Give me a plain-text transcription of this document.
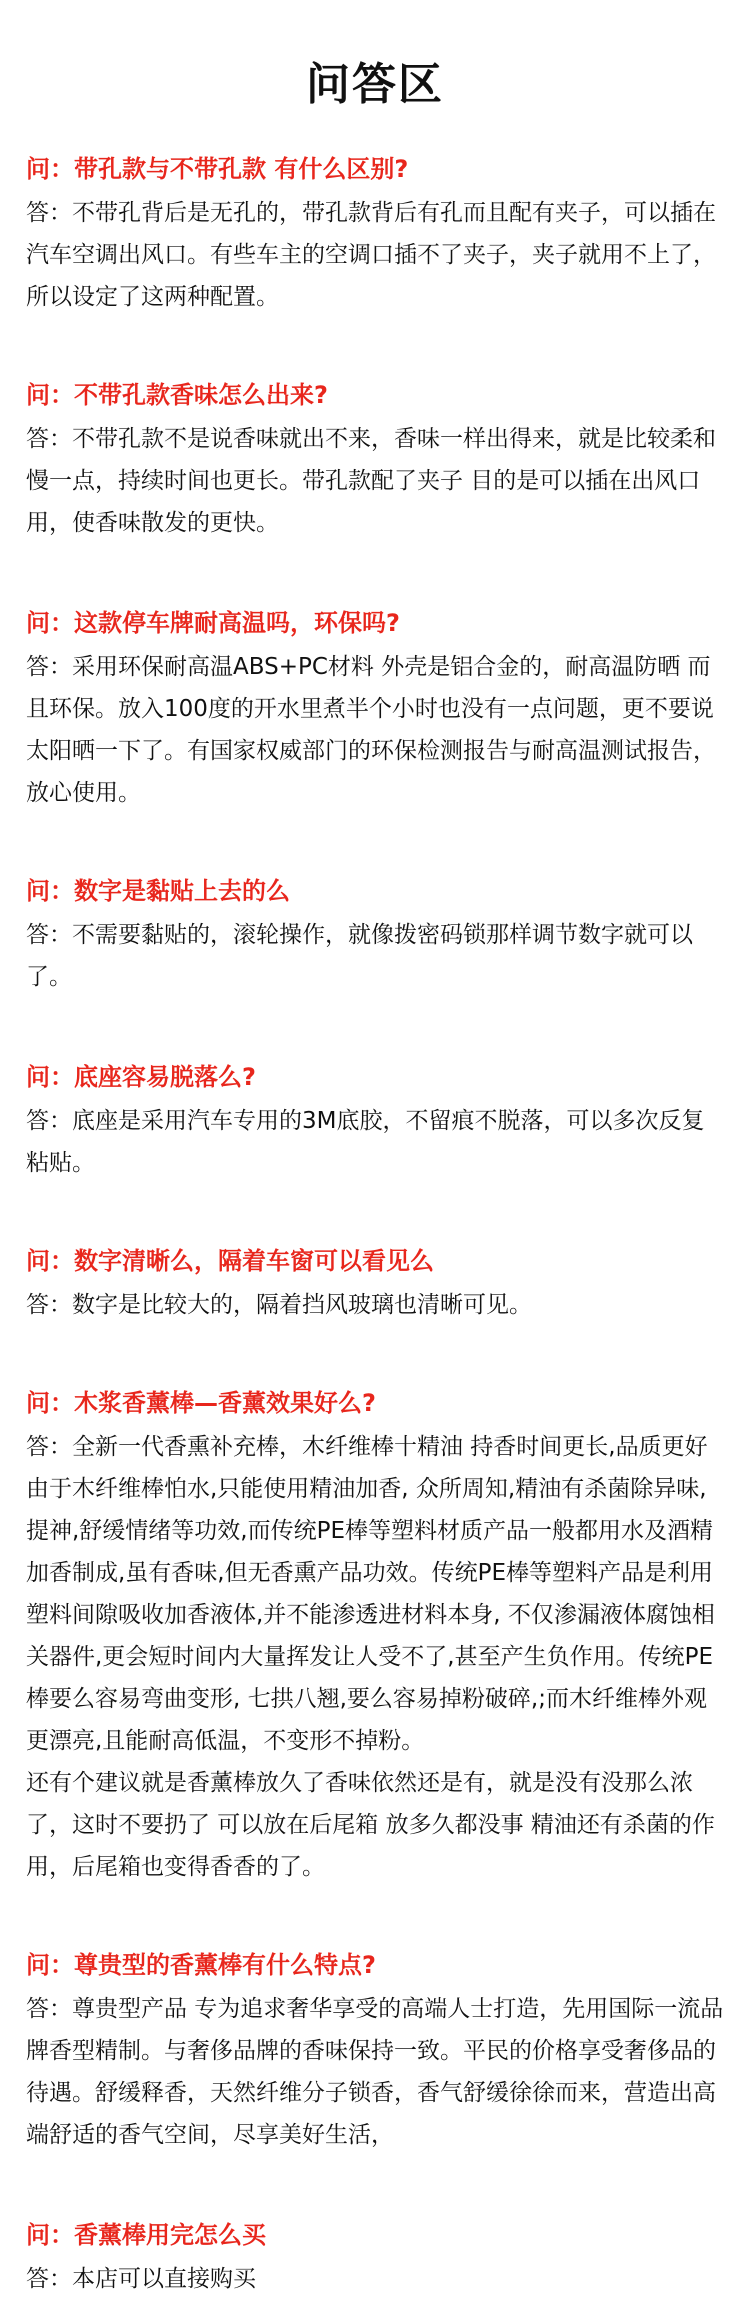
问答区

问：带孔款与不带孔款 有什么区别?

答：不带孔背后是无孔的，带孔款背后有孔而且配有夹子，可以插在汽车空调出风口。有些车主的空调口插不了夹子，夹子就用不上了，所以设定了这两种配置。

问：不带孔款香味怎么出来?

答：不带孔款不是说香味就出不来，香味一样出得来，就是比较柔和慢一点，持续时间也更长。带孔款配了夹子 目的是可以插在出风口用，使香味散发的更快。

问：这款停车牌耐高温吗，环保吗?

答：采用环保耐高温ABS+PC材料 外壳是铝合金的，耐高温防晒 而且环保。放入100度的开水里煮半个小时也没有一点问题，更不要说太阳晒一下了。有国家权威部门的环保检测报告与耐高温测试报告，放心使用。

问：数字是黏贴上去的么

答：不需要黏贴的，滚轮操作，就像拨密码锁那样调节数字就可以了。

问：底座容易脱落么?

答：底座是采用汽车专用的3M底胶，不留痕不脱落，可以多次反复粘贴。

问：数字清晰么，隔着车窗可以看见么

答：数字是比较大的，隔着挡风玻璃也清晰可见。

问：木浆香薰棒—香薰效果好么?

答：全新一代香熏补充棒，木纤维棒十精油 持香时间更长,品质更好 由于木纤维棒怕水,只能使用精油加香, 众所周知,精油有杀菌除异味,提神,舒缓情绪等功效,而传统PE棒等塑料材质产品一般都用水及酒精加香制成,虽有香味,但无香熏产品功效。传统PE棒等塑料产品是利用塑料间隙吸收加香液体,并不能渗透进材料本身, 不仅渗漏液体腐蚀相关器件,更会短时间内大量挥发让人受不了,甚至产生负作用。传统PE棒要么容易弯曲变形, 七拱八翘,要么容易掉粉破碎,;而木纤维棒外观更漂亮,且能耐高低温，不变形不掉粉。

还有个建议就是香薰棒放久了香味依然还是有，就是没有没那么浓了，这时不要扔了 可以放在后尾箱 放多久都没事 精油还有杀菌的作用，后尾箱也变得香香的了。

问：尊贵型的香薰棒有什么特点?

答：尊贵型产品 专为追求奢华享受的高端人士打造，先用国际一流品牌香型精制。与奢侈品牌的香味保持一致。平民的价格享受奢侈品的待遇。舒缓释香，天然纤维分子锁香，香气舒缓徐徐而来，营造出高端舒适的香气空间，尽享美好生活，

问：香薰棒用完怎么买

答：本店可以直接购买
